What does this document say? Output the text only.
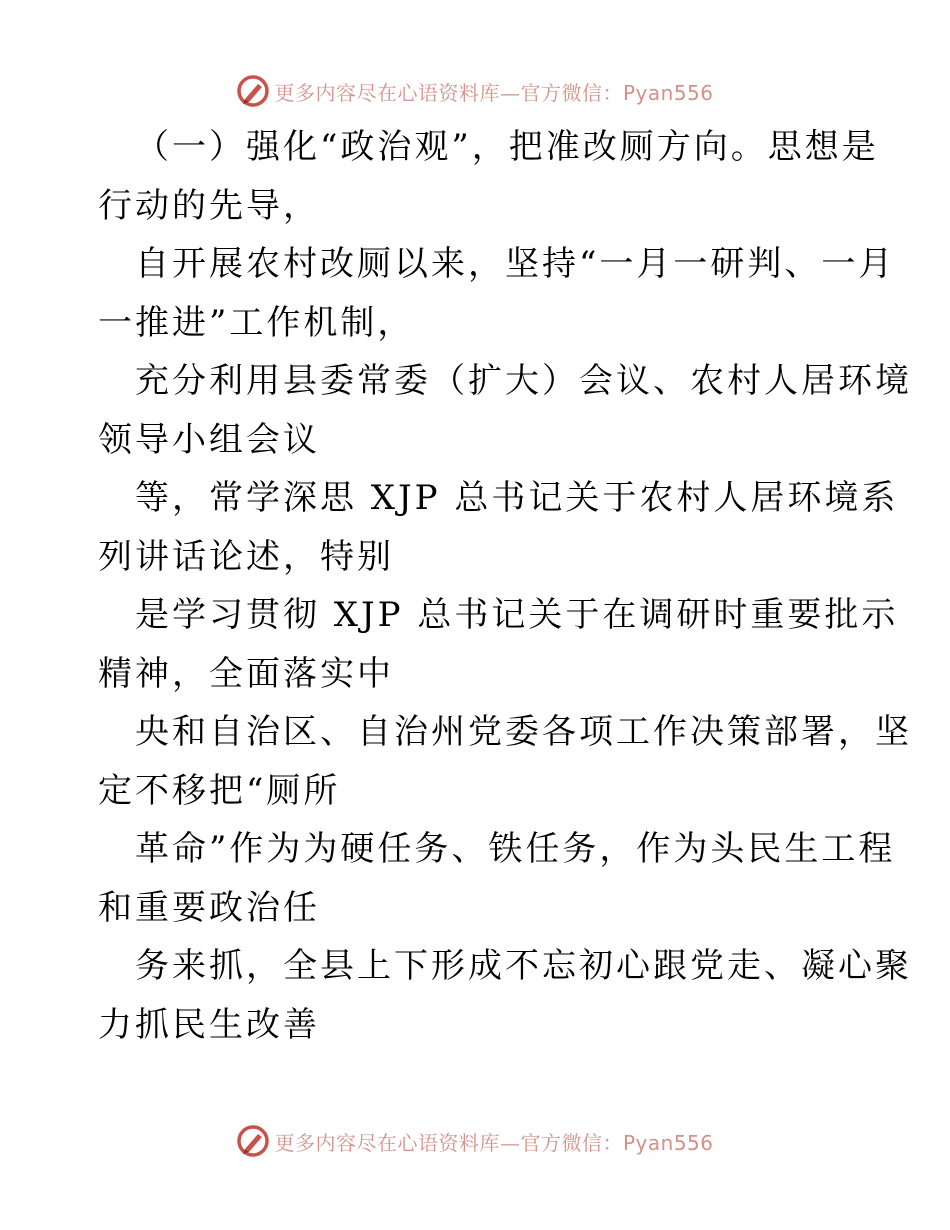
更多内容尽在心语资料库—官方微信：Pyan556
（一）强化“政治观”，把准改厕方向。思想是
行动的先导，
自开展农村改厕以来，坚持“一月一研判、一月
一推进”工作机制，
充分利用县委常委（扩大）会议、农村人居环境
领导小组会议
等，常学深思 XJP 总书记关于农村人居环境系
列讲话论述，特别
是学习贯彻 XJP 总书记关于在调研时重要批示
精神，全面落实中
央和自治区、自治州党委各项工作决策部署，坚
定不移把“厕所
革命”作为为硬任务、铁任务，作为头民生工程
和重要政治任
务来抓，全县上下形成不忘初心跟党走、凝心聚
力抓民生改善
更多内容尽在心语资料库—官方微信：Pyan556
